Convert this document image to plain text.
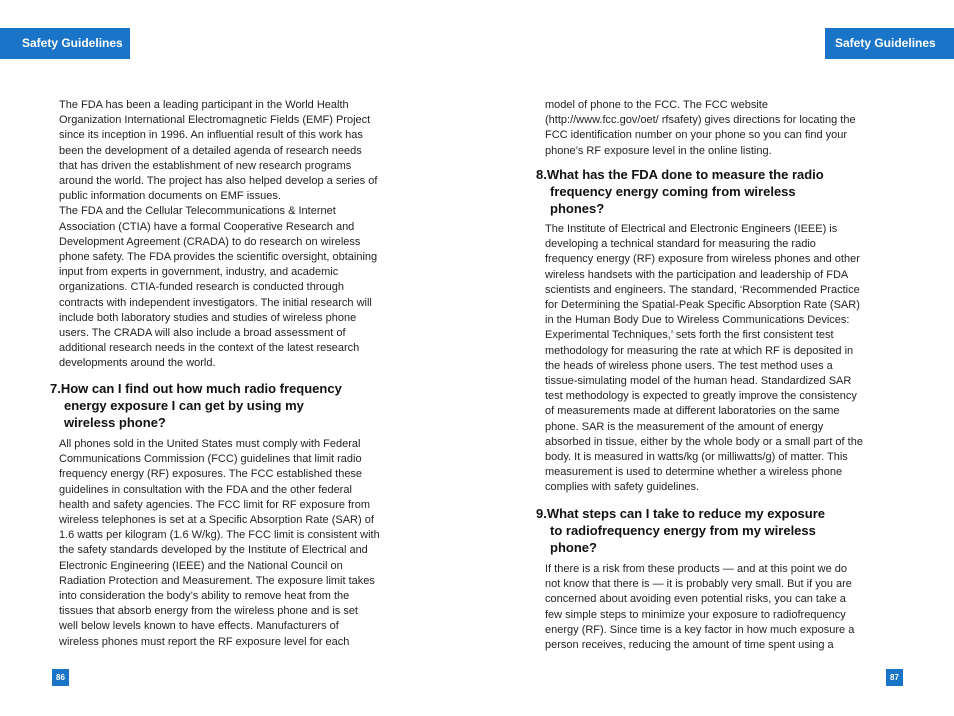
Safety Guidelines	Safety Guidelines

The FDA has been a leading participant in the World Health
Organization International Electromagnetic Fields (EMF) Project
since its inception in 1996. An influential result of this work has
been the development of a detailed agenda of research needs
that has driven the establishment of new research programs
around the world. The project has also helped develop a series of
public information documents on EMF issues.
The FDA and the Cellular Telecommunications & Internet
Association (CTIA) have a formal Cooperative Research and
Development Agreement (CRADA) to do research on wireless
phone safety. The FDA provides the scientific oversight, obtaining
input from experts in government, industry, and academic
organizations. CTIA-funded research is conducted through
contracts with independent investigators. The initial research will
include both laboratory studies and studies of wireless phone
users. The CRADA will also include a broad assessment of
additional research needs in the context of the latest research
developments around the world.

7.How can I find out how much radio frequency
energy exposure I can get by using my
wireless phone?

All phones sold in the United States must comply with Federal
Communications Commission (FCC) guidelines that limit radio
frequency energy (RF) exposures. The FCC established these
guidelines in consultation with the FDA and the other federal
health and safety agencies. The FCC limit for RF exposure from
wireless telephones is set at a Specific Absorption Rate (SAR) of
1.6 watts per kilogram (1.6 W/kg). The FCC limit is consistent with
the safety standards developed by the Institute of Electrical and
Electronic Engineering (IEEE) and the National Council on
Radiation Protection and Measurement. The exposure limit takes
into consideration the body’s ability to remove heat from the
tissues that absorb energy from the wireless phone and is set
well below levels known to have effects. Manufacturers of
wireless phones must report the RF exposure level for each

model of phone to the FCC. The FCC website
(http://www.fcc.gov/oet/ rfsafety) gives directions for locating the
FCC identification number on your phone so you can find your
phone’s RF exposure level in the online listing.

8.What has the FDA done to measure the radio
frequency energy coming from wireless
phones?

The Institute of Electrical and Electronic Engineers (IEEE) is
developing a technical standard for measuring the radio
frequency energy (RF) exposure from wireless phones and other
wireless handsets with the participation and leadership of FDA
scientists and engineers. The standard, ‘Recommended Practice
for Determining the Spatial-Peak Specific Absorption Rate (SAR)
in the Human Body Due to Wireless Communications Devices:
Experimental Techniques,’ sets forth the first consistent test
methodology for measuring the rate at which RF is deposited in
the heads of wireless phone users. The test method uses a
tissue-simulating model of the human head. Standardized SAR
test methodology is expected to greatly improve the consistency
of measurements made at different laboratories on the same
phone. SAR is the measurement of the amount of energy
absorbed in tissue, either by the whole body or a small part of the
body. It is measured in watts/kg (or milliwatts/g) of matter. This
measurement is used to determine whether a wireless phone
complies with safety guidelines.

9.What steps can I take to reduce my exposure
to radiofrequency energy from my wireless
phone?

If there is a risk from these products — and at this point we do
not know that there is — it is probably very small. But if you are
concerned about avoiding even potential risks, you can take a
few simple steps to minimize your exposure to radiofrequency
energy (RF). Since time is a key factor in how much exposure a
person receives, reducing the amount of time spent using a

86	87
